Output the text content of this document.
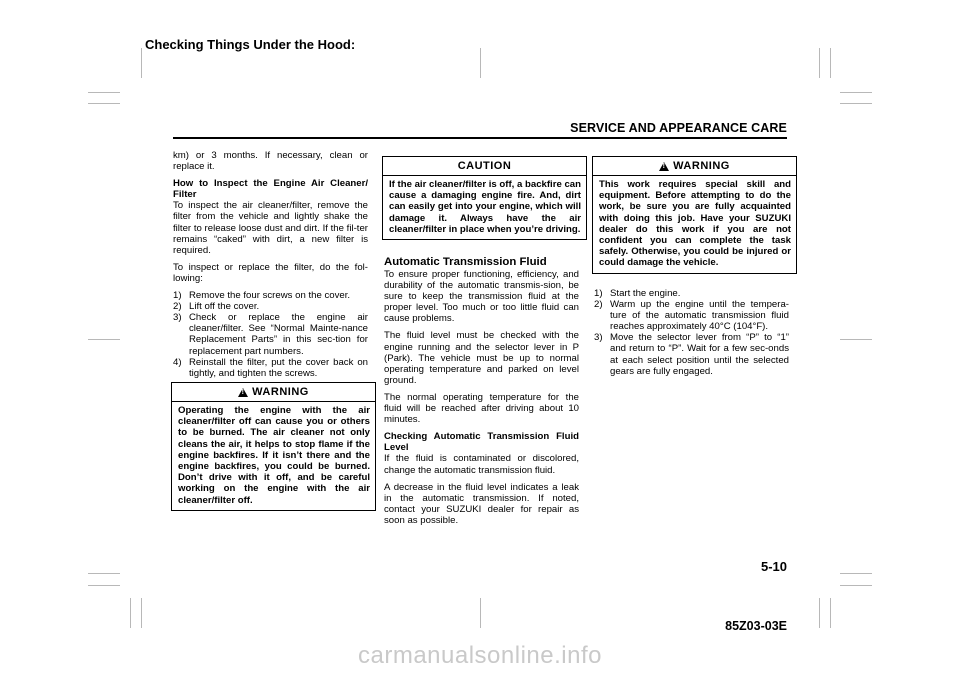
Checking Things Under the Hood:
SERVICE AND APPEARANCE CARE

km) or 3 months. If necessary, clean or replace it.

How to Inspect the Engine Air Cleaner/ Filter

To inspect the air cleaner/filter, remove the filter from the vehicle and lightly shake the filter to release loose dust and dirt. If the fil-ter remains “caked” with dirt, a new filter is required.

To inspect or replace the filter, do the fol-lowing:

1) Remove the four screws on the cover.
2) Lift off the cover.
3) Check or replace the engine air cleaner/filter. See “Normal Mainte-nance Replacement Parts” in this sec-tion for replacement part numbers.
4) Reinstall the filter, put the cover back on tightly, and tighten the screws.
!
WARNING
Operating the engine with the air cleaner/filter off can cause you or others to be burned. The air cleaner not only cleans the air, it helps to stop flame if the engine backfires. If it isn’t there and the engine backfires, you could be burned. Don’t drive with it off, and be careful working on the engine with the air cleaner/filter off.
CAUTION
If the air cleaner/filter is off, a backfire can cause a damaging engine fire. And, dirt can easily get into your engine, which will damage it. Always have the air cleaner/filter in place when you’re driving.
Automatic Transmission Fluid

To ensure proper functioning, efficiency, and durability of the automatic transmis-sion, be sure to keep the transmission fluid at the proper level. Too much or too little fluid can cause problems.

The fluid level must be checked with the engine running and the selector lever in P (Park). The vehicle must be up to normal operating temperature and parked on level ground.

The normal operating temperature for the fluid will be reached after driving about 10 minutes.

Checking Automatic Transmission Fluid Level

If the fluid is contaminated or discolored, change the automatic transmission fluid.

A decrease in the fluid level indicates a leak in the automatic transmission. If noted, contact your SUZUKI dealer for repair as soon as possible.

!
WARNING
This work requires special skill and equipment. Before attempting to do the work, be sure you are fully acquainted with doing this job. Have your SUZUKI dealer do this work if you are not confident you can complete the task safely. Otherwise, you could be injured or could damage the vehicle.
1) Start the engine.
2) Warm up the engine until the tempera-ture of the automatic transmission fluid reaches approximately 40°C (104°F).
3) Move the selector lever from “P” to “1” and return to “P”. Wait for a few sec-onds at each select position until the selected gears are fully engaged.
5-10
85Z03-03E
carmanualsonline.info
